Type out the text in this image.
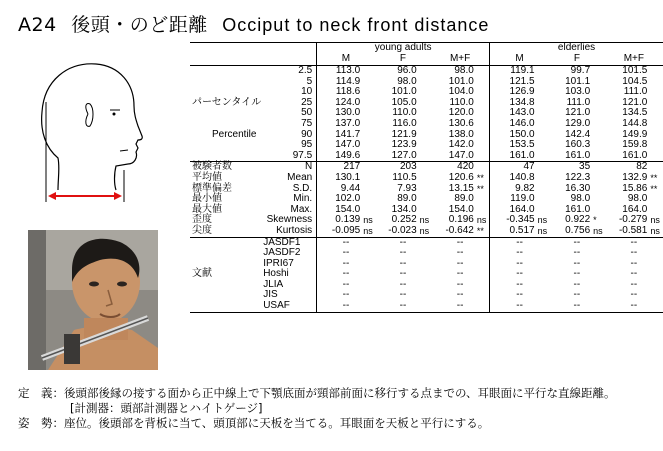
A24 後頭・のど距離 Occiput to neck front distance
		young adults						elderlies					
		M		F		M+F		M		F		M+F	
	2.5	113.0		96.0		98.0		119.1		99.7		101.5	
	5	114.9		98.0		101.0		121.5		101.1		104.5	
	10	118.6		101.0		104.0		126.9		103.0		111.0	
パーセンタイル	25	124.0		105.0		110.0		134.8		111.0		121.0	
	50	130.0		110.0		120.0		143.0		121.0		134.5	
	75	137.0		116.0		130.6		146.0		129.0		144.8	
Percentile	90	141.7		121.9		138.0		150.0		142.4		149.9	
	95	147.0		123.9		142.0		153.5		160.3		159.8	
	97.5	149.6		127.0		147.0		161.0		161.0		161.0	
被験者数	N	217		203		420		47		35		82	
平均値	Mean	130.1		110.5		120.6	**	140.8		122.3		132.9	**
標準偏差	S.D.	9.44		7.93		13.15	**	9.82		16.30		15.86	**
最小値	Min.	102.0		89.0		89.0		119.0		98.0		98.0	
最大値	Max.	154.0		134.0		154.0		164.0		161.0		164.0	
歪度	Skewness	0.139	ns	0.252	ns	0.196	ns	-0.345	ns	0.922	*	-0.279	ns
尖度	Kurtosis	-0.095	ns	-0.023	ns	-0.642	**	0.517	ns	0.756	ns	-0.581	ns
	JASDF1	--		--		--		--		--		--	
	JASDF2	--		--		--		--		--		--	
	IPRI67	--		--		--		--		--		--	
文献	Hoshi	--		--		--		--		--		--	
	JLIA	--		--		--		--		--		--	
	JIS	--		--		--		--		--		--	
	USAF	--		--		--		--		--		--	
定　義：後頭部後縁の接する面から正中線上で下顎底面が頸部前面に移行する点までの、耳眼面に平行な直線距離。
[計測器：頭部計測器とハイトゲージ]
姿　勢：座位。後頭部を背板に当て、頭頂部に天板を当てる。耳眼面を天板と平行にする。
